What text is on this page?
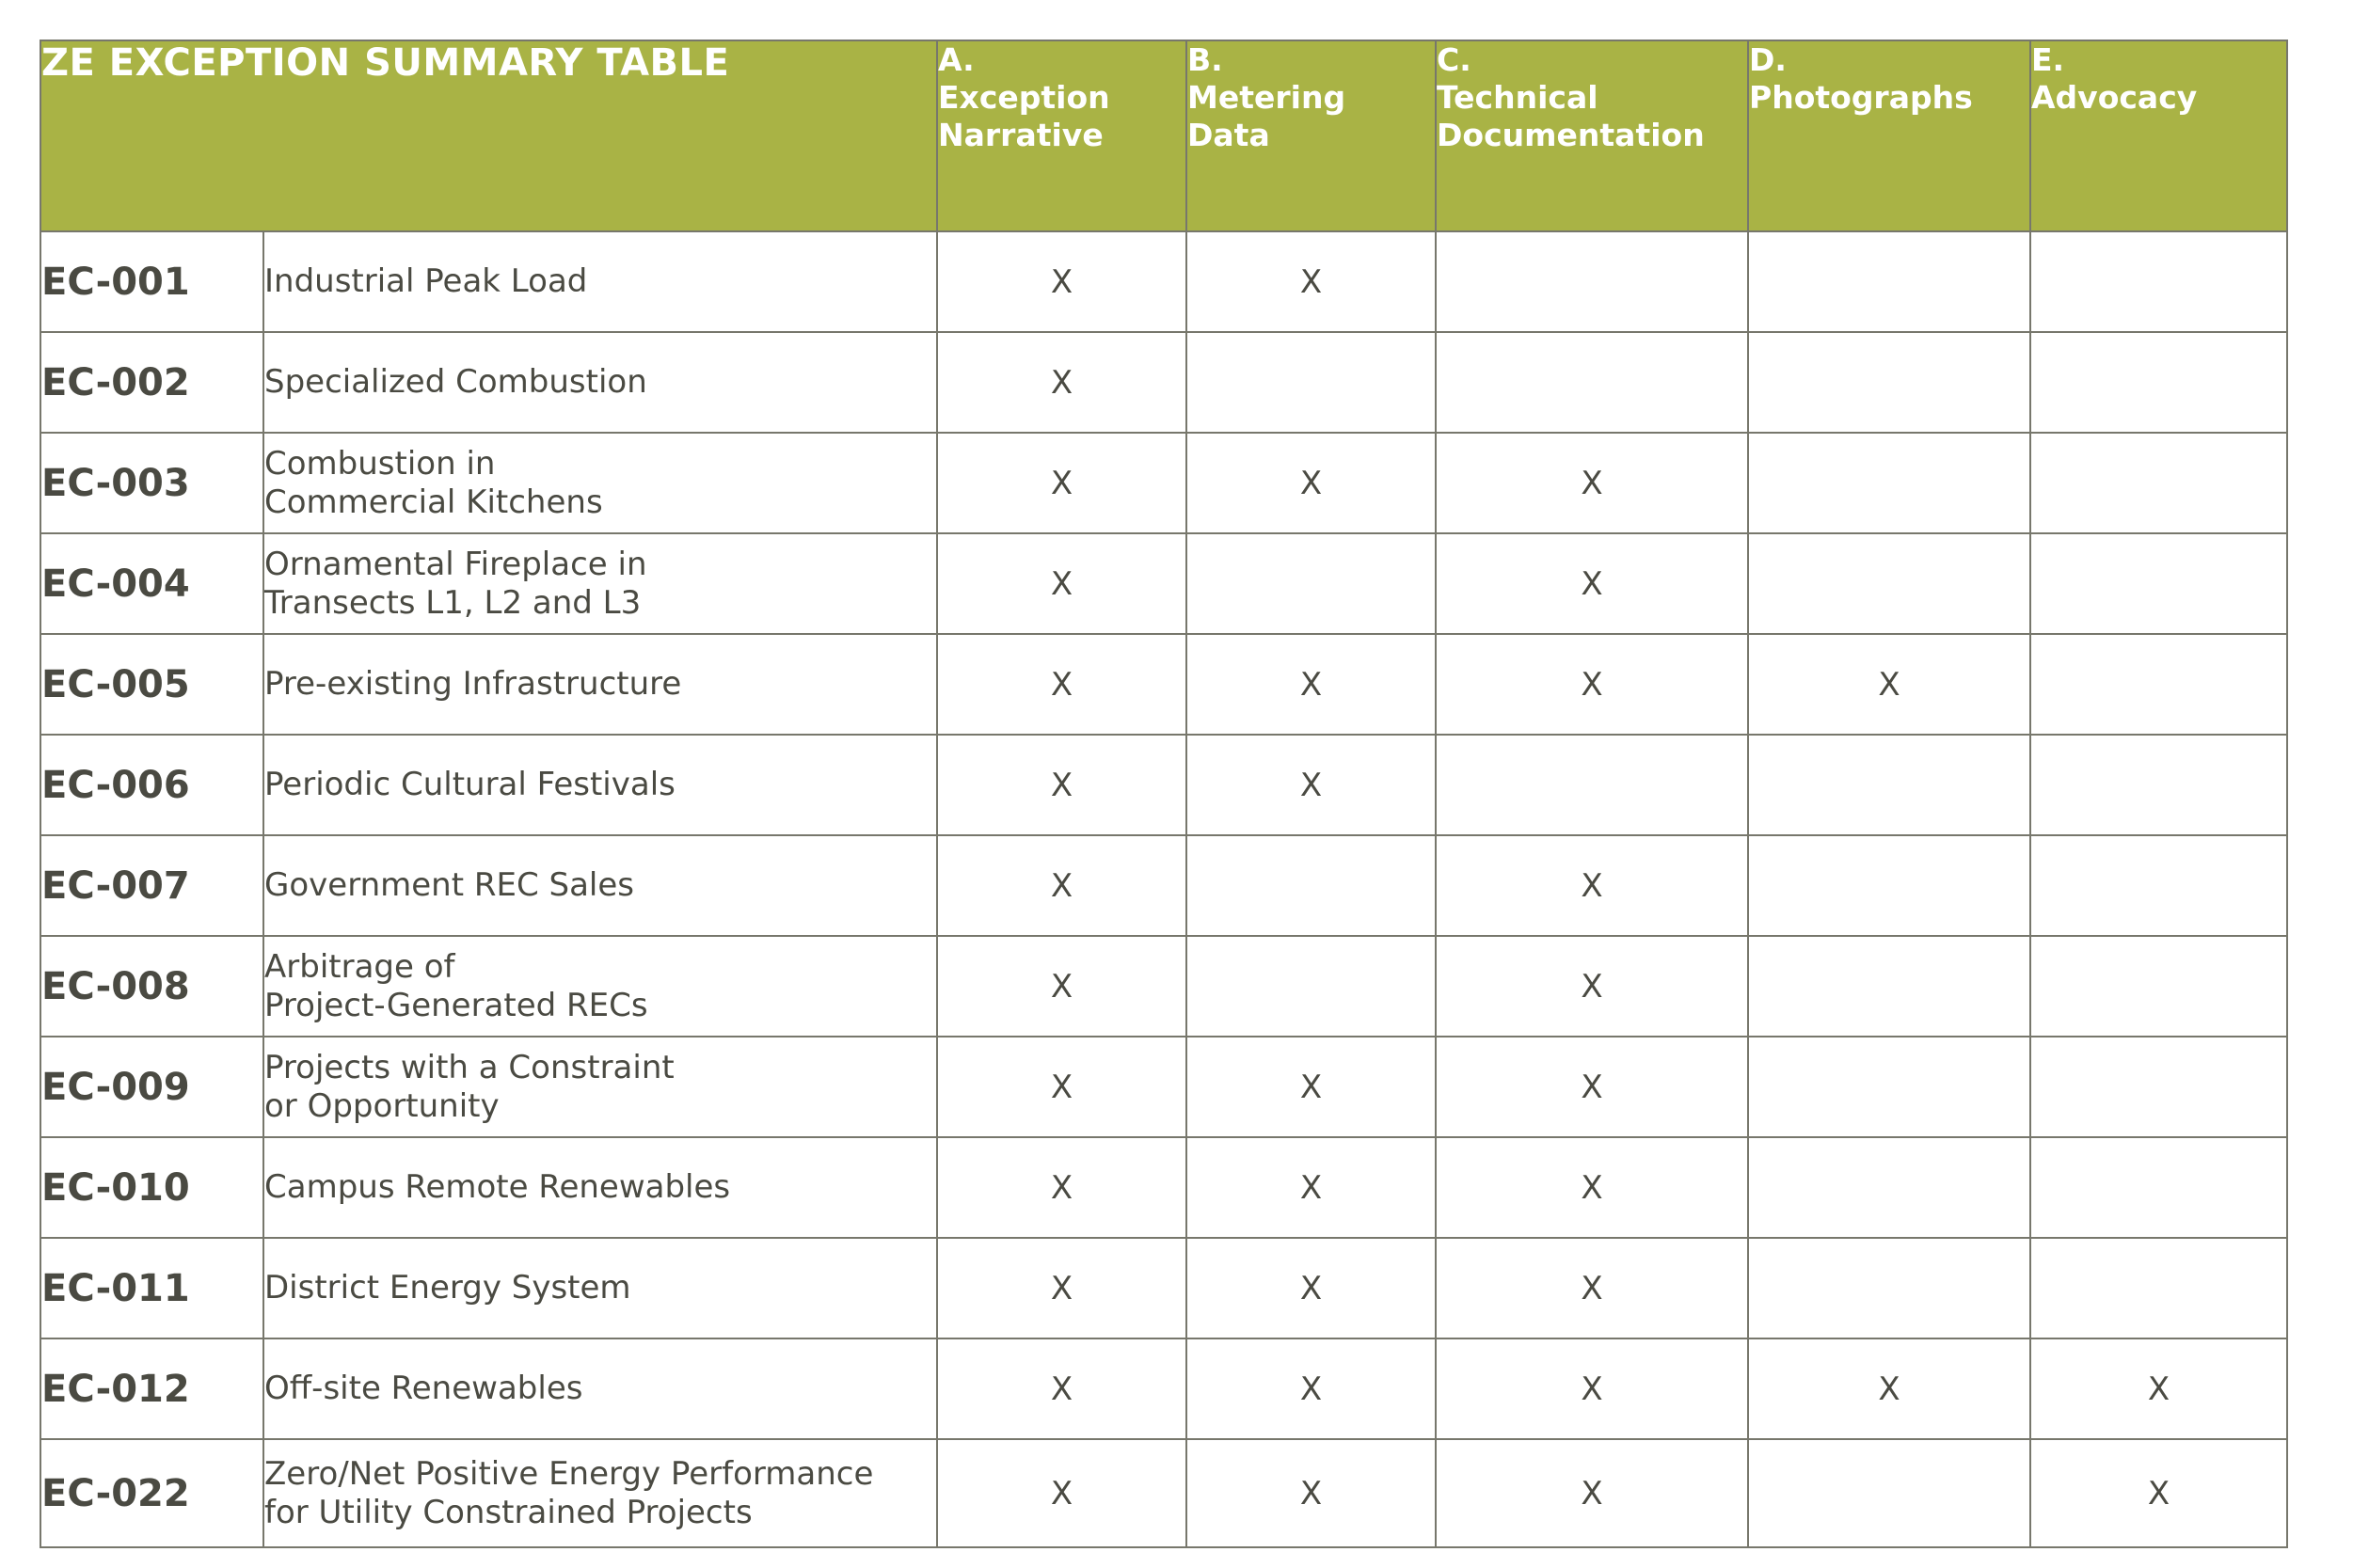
ZE EXCEPTION SUMMARY TABLE		A.
Exception
Narrative	B.
Metering
Data	C.
Technical
Documentation	D.
Photographs	E.
Advocacy

EC-001	Industrial Peak Load	X	X			
EC-002	Specialized Combustion	X				
EC-003	Combustion in
Commercial Kitchens	X	X	X		
EC-004	Ornamental Fireplace in
Transects L1, L2 and L3	X		X		
EC-005	Pre-existing Infrastructure	X	X	X	X	
EC-006	Periodic Cultural Festivals	X	X			
EC-007	Government REC Sales	X		X		
EC-008	Arbitrage of
Project-Generated RECs	X		X		
EC-009	Projects with a Constraint
or Opportunity	X	X	X		
EC-010	Campus Remote Renewables	X	X	X		
EC-011	District Energy System	X	X	X		
EC-012	Off-site Renewables	X	X	X	X	X
EC-022	Zero/Net Positive Energy Performance
for Utility Constrained Projects	X	X	X		X
